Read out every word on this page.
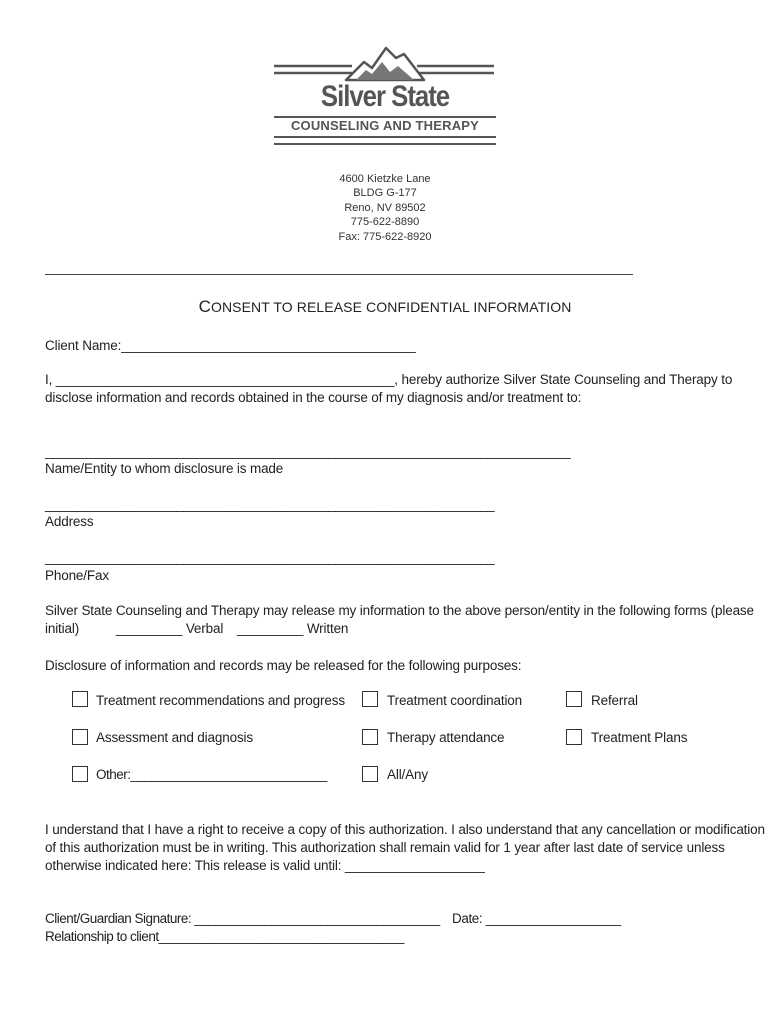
Silver State
COUNSELING AND THERAPY
4600 Kietzke Lane
BLDG G-177
Reno, NV 89502
775-622-8890
Fax: 775-622-8920
CONSENT TO RELEASE CONFIDENTIAL INFORMATION
Client Name:________________________________________
I, ______________________________________________, hereby authorize Silver State Counseling and Therapy to
disclose information and records obtained in the course of my diagnosis and/or treatment to:
____________________________________________________________________________
Name/Entity to whom disclosure is made
_________________________________________________________________
Address
_________________________________________________________________
Phone/Fax
Silver State Counseling and Therapy may release my information to the above person/entity in the following forms (please
initial)	_________ Verbal _________ Written
Disclosure of information and records may be released for the following purposes:
Treatment recommendations and progress	Treatment coordination	Referral
Assessment and diagnosis	Therapy attendance	Treatment Plans
Other:____________________________	All/Any
I understand that I have a right to receive a copy of this authorization. I also understand that any cancellation or modification
of this authorization must be in writing. This authorization shall remain valid for 1 year after last date of service unless
otherwise indicated here: This release is valid until: ___________________
Client/Guardian Signature: ___________________________________ Date: ___________________
Relationship to client___________________________________
